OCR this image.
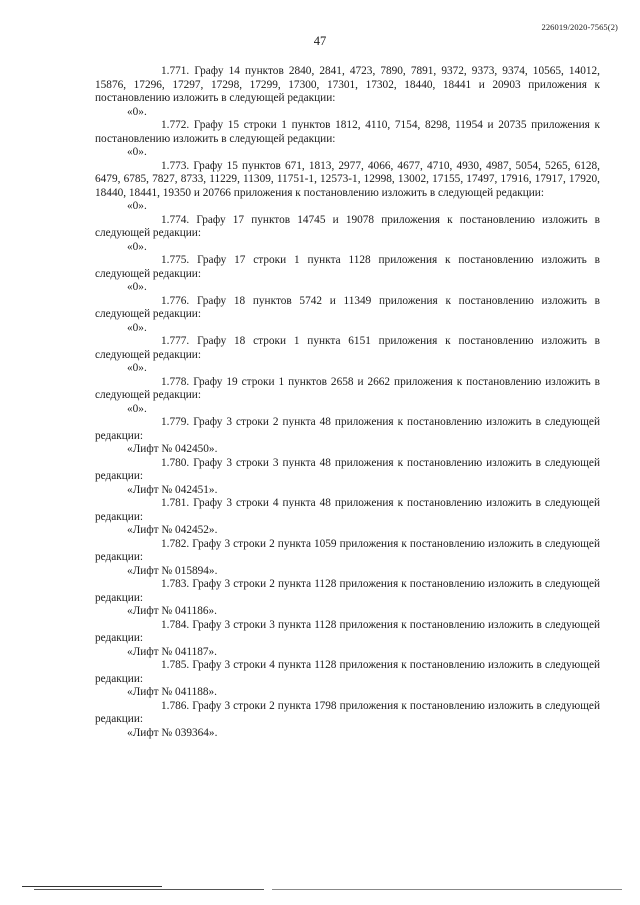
226019/2020-7565(2)
47

1.771. Графу 14 пунктов 2840, 2841, 4723, 7890, 7891, 9372, 9373, 9374, 10565, 14012, 15876, 17296, 17297, 17298, 17299, 17300, 17301, 17302, 18440, 18441 и 20903 приложения к постановлению изложить в следующей редакции:

«0».

1.772. Графу 15 строки 1 пунктов 1812, 4110, 7154, 8298, 11954 и 20735 приложения к постановлению изложить в следующей редакции:

«0».

1.773. Графу 15 пунктов 671, 1813, 2977, 4066, 4677, 4710, 4930, 4987, 5054, 5265, 6128, 6479, 6785, 7827, 8733, 11229, 11309, 11751-1, 12573-1, 12998, 13002, 17155, 17497, 17916, 17917, 17920, 18440, 18441, 19350 и 20766 приложения к постановлению изложить в следующей редакции:

«0».

1.774. Графу 17 пунктов 14745 и 19078 приложения к постановлению изложить в следующей редакции:

«0».

1.775. Графу 17 строки 1 пункта 1128 приложения к постановлению изложить в следующей редакции:

«0».

1.776. Графу 18 пунктов 5742 и 11349 приложения к постановлению изложить в следующей редакции:

«0».

1.777. Графу 18 строки 1 пункта 6151 приложения к постановлению изложить в следующей редакции:

«0».

1.778. Графу 19 строки 1 пунктов 2658 и 2662 приложения к постановлению изложить в следующей редакции:

«0».

1.779. Графу 3 строки 2 пункта 48 приложения к постановлению изложить в следующей редакции:

«Лифт № 042450».

1.780. Графу 3 строки 3 пункта 48 приложения к постановлению изложить в следующей редакции:

«Лифт № 042451».

1.781. Графу 3 строки 4 пункта 48 приложения к постановлению изложить в следующей редакции:

«Лифт № 042452».

1.782. Графу 3 строки 2 пункта 1059 приложения к постановлению изложить в следующей редакции:

«Лифт № 015894».

1.783. Графу 3 строки 2 пункта 1128 приложения к постановлению изложить в следующей редакции:

«Лифт № 041186».

1.784. Графу 3 строки 3 пункта 1128 приложения к постановлению изложить в следующей редакции:

«Лифт № 041187».

1.785. Графу 3 строки 4 пункта 1128 приложения к постановлению изложить в следующей редакции:

«Лифт № 041188».

1.786. Графу 3 строки 2 пункта 1798 приложения к постановлению изложить в следующей редакции:

«Лифт № 039364».
